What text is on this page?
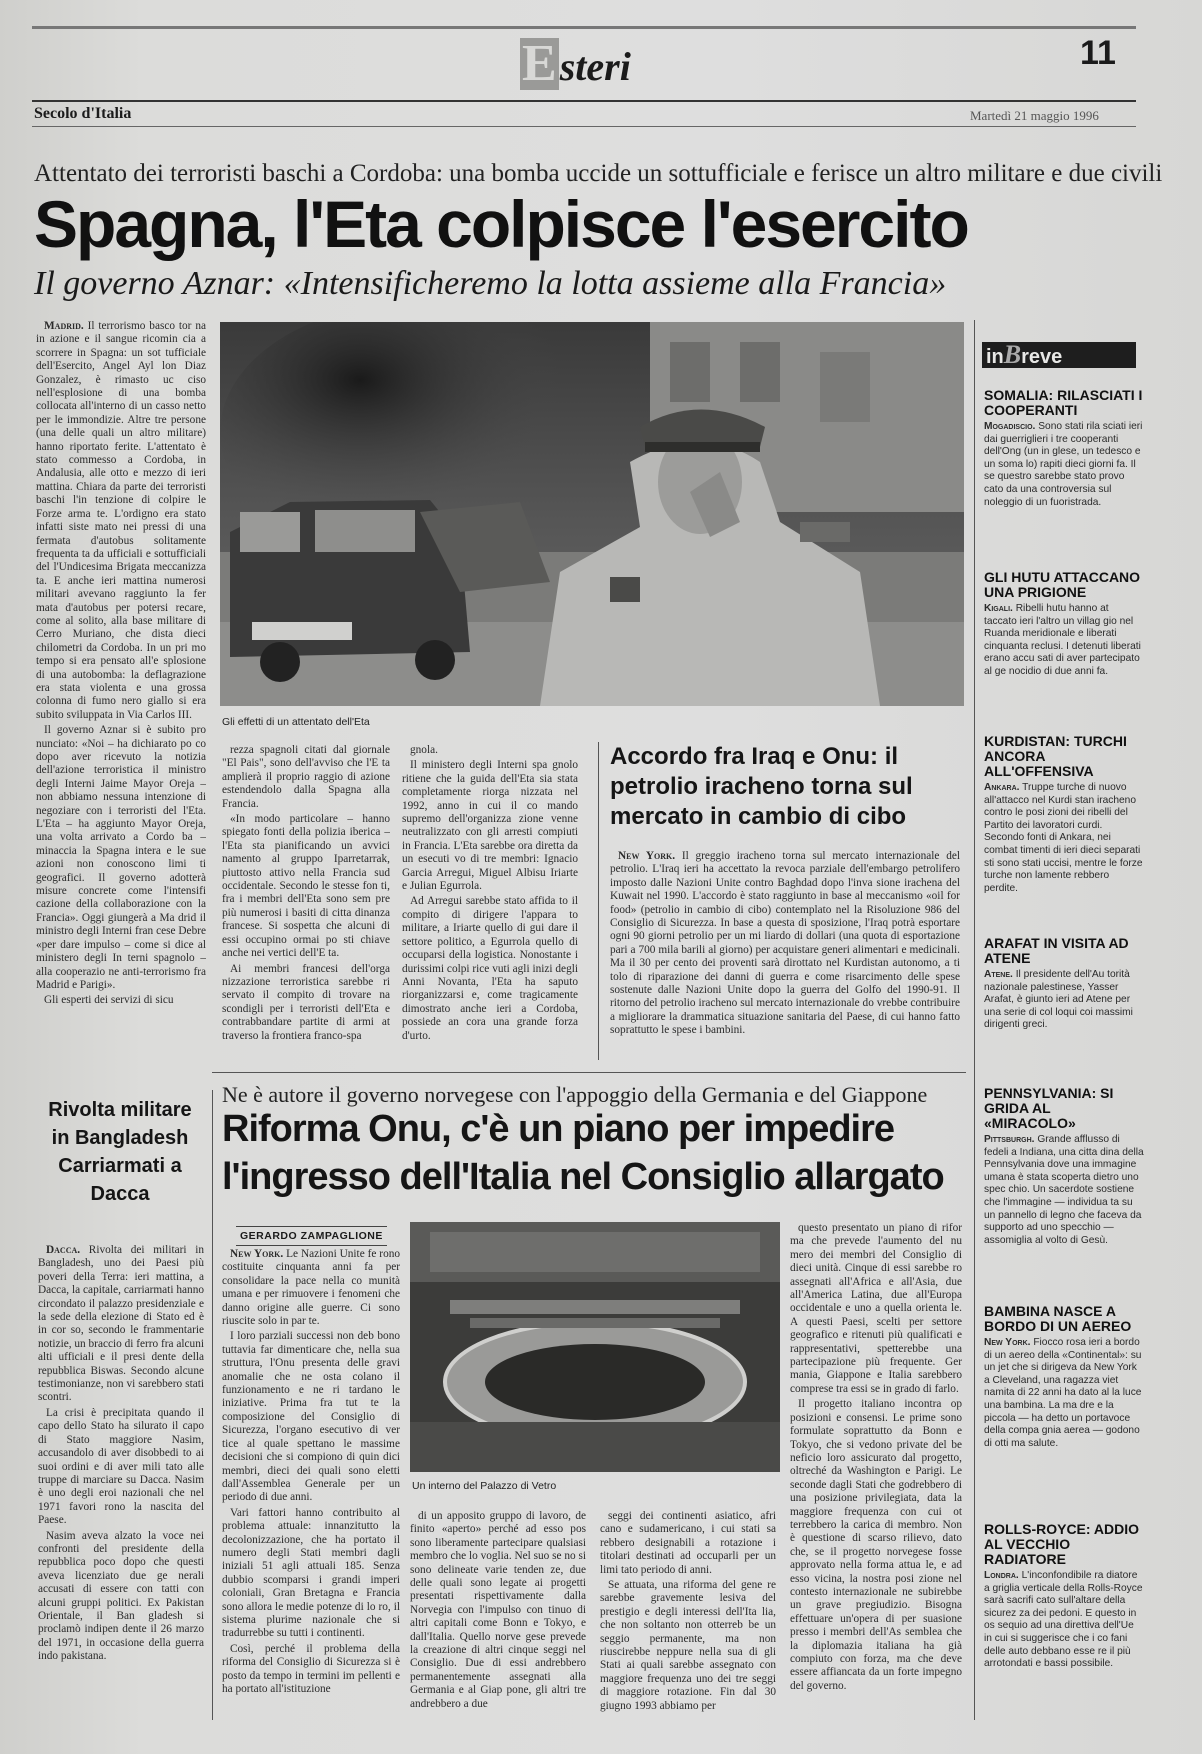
Esteri	11
Secolo d'Italia	Martedì 21 maggio 1996
Attentato dei terroristi baschi a Cordoba: una bomba uccide un sottufficiale e ferisce un altro militare e due civili
Spagna, l'Eta colpisce l'esercito
Il governo Aznar: «Intensificheremo la lotta assieme alla Francia»

Madrid. Il terrorismo basco tor na in azione e il sangue ricomin cia a scorrere in Spagna: un sot tufficiale dell'Esercito, Angel Ayl lon Diaz Gonzalez, è rimasto uc ciso nell'esplosione di una bomba collocata all'interno di un casso netto per le immondizie. Altre tre persone (una delle quali un altro militare) hanno riportato ferite. L'attentato è stato commesso a Cordoba, in Andalusia, alle otto e mezzo di ieri mattina. Chiara da parte dei terroristi baschi l'in tenzione di colpire le Forze arma te. L'ordigno era stato infatti siste mato nei pressi di una fermata d'autobus solitamente frequenta ta da ufficiali e sottufficiali del l'Undicesima Brigata meccanizza ta. E anche ieri mattina numerosi militari avevano raggiunto la fer mata d'autobus per potersi recare, come al solito, alla base militare di Cerro Muriano, che dista dieci chilometri da Cordoba. In un pri mo tempo si era pensato all'e splosione di una autobomba: la deflagrazione era stata violenta e una grossa colonna di fumo nero giallo si era subito sviluppata in Via Carlos III.

Il governo Aznar si è subito pro nunciato: «Noi – ha dichiarato po co dopo aver ricevuto la notizia dell'azione terroristica il ministro degli Interni Jaime Mayor Oreja – non abbiamo nessuna intenzione di negoziare con i terroristi del l'Eta. L'Eta – ha aggiunto Mayor Oreja, una volta arrivato a Cordo ba – minaccia la Spagna intera e le sue azioni non conoscono limi ti geografici. Il governo adotterà misure concrete come l'intensifi cazione della collaborazione con la Francia». Oggi giungerà a Ma drid il ministro degli Interni fran cese Debre «per dare impulso – come si dice al ministero degli In terni spagnolo – alla cooperazio ne anti-terrorismo fra Madrid e Parigi».

Gli esperti dei servizi di sicu

Gli effetti di un attentato dell'Eta

rezza spagnoli citati dal giornale "El Pais", sono dell'avviso che l'E ta amplierà il proprio raggio di azione estendendolo dalla Spagna alla Francia.

«In modo particolare – hanno spiegato fonti della polizia iberica – l'Eta sta pianificando un avvici namento al gruppo Iparretarrak, piuttosto attivo nella Francia sud occidentale. Secondo le stesse fon ti, fra i membri dell'Eta sono sem pre più numerosi i basiti di citta dinanza francese. Si sospetta che alcuni di essi occupino ormai po sti chiave anche nei vertici dell'E ta.

Ai membri francesi dell'orga nizzazione terroristica sarebbe ri servato il compito di trovare na scondigli per i terroristi dell'Eta e contrabbandare partite di armi at traverso la frontiera franco-spa

gnola.

Il ministero degli Interni spa gnolo ritiene che la guida dell'Eta sia stata completamente riorga nizzata nel 1992, anno in cui il co mando supremo dell'organizza zione venne neutralizzato con gli arresti compiuti in Francia. L'Eta sarebbe ora diretta da un esecuti vo di tre membri: Ignacio Garcia Arregui, Miguel Albisu Iriarte e Julian Egurrola.

Ad Arregui sarebbe stato affida to il compito di dirigere l'appara to militare, a Iriarte quello di gui dare il settore politico, a Egurrola quello di occuparsi della logistica. Nonostante i durissimi colpi rice vuti agli inizi degli Anni Novanta, l'Eta ha saputo riorganizzarsi e, come tragicamente dimostrato anche ieri a Cordoba, possiede an cora una grande forza d'urto.

Accordo fra Iraq e Onu: il petrolio iracheno torna sul mercato in cambio di cibo

New York. Il greggio iracheno torna sul mercato internazionale del petrolio. L'Iraq ieri ha accettato la revoca parziale dell'embargo petrolifero imposto dalle Nazioni Unite contro Baghdad dopo l'inva sione irachena del Kuwait nel 1990. L'accordo è stato raggiunto in base al meccanismo «oil for food» (petrolio in cambio di cibo) contemplato nel la Risoluzione 986 del Consiglio di Sicurezza. In base a questa di sposizione, l'Iraq potrà esportare ogni 90 giorni petrolio per un mi liardo di dollari (una quota di esportazione pari a 700 mila barili al giorno) per acquistare generi alimentari e medicinali. Ma il 30 per cento dei proventi sarà dirottato nel Kurdistan autonomo, a ti tolo di riparazione dei danni di guerra e come risarcimento delle spese sostenute dalle Nazioni Unite dopo la guerra del Golfo del 1990-91. Il ritorno del petrolio iracheno sul mercato internazionale do vrebbe contribuire a migliorare la drammatica situazione sanitaria del Paese, di cui hanno fatto soprattutto le spese i bambini.

Rivolta militare in Bangladesh Carriarmati a Dacca

Dacca. Rivolta dei militari in Bangladesh, uno dei Paesi più poveri della Terra: ieri mattina, a Dacca, la capitale, carriarmati hanno circondato il palazzo presidenziale e la sede della elezione di Stato ed è in cor so, secondo le frammentarie notizie, un braccio di ferro fra alcuni alti ufficiali e il presi dente della repubblica Biswas. Secondo alcune testimonianze, non vi sarebbero stati scontri.

La crisi è precipitata quando il capo dello Stato ha silurato il capo di Stato maggiore Nasim, accusandolo di aver disobbedi to ai suoi ordini e di aver mili tato alle truppe di marciare su Dacca. Nasim è uno degli eroi nazionali che nel 1971 favori rono la nascita del Paese.

Nasim aveva alzato la voce nei confronti del presidente della repubblica poco dopo che questi aveva licenziato due ge nerali accusati di essere con tatti con alcuni gruppi politici. Ex Pakistan Orientale, il Ban gladesh si proclamò indipen dente il 26 marzo del 1971, in occasione della guerra indo pakistana.

Ne è autore il governo norvegese con l'appoggio della Germania e del Giappone
Riforma Onu, c'è un piano per impedire
l'ingresso dell'Italia nel Consiglio allargato
GERARDO ZAMPAGLIONE

New York. Le Nazioni Unite fe rono costituite cinquanta anni fa per consolidare la pace nella co munità umana e per rimuovere i fenomeni che danno origine alle guerre. Ci sono riuscite solo in par te.

I loro parziali successi non deb bono tuttavia far dimenticare che, nella sua struttura, l'Onu presenta delle gravi anomalie che ne osta colano il funzionamento e ne ri tardano le iniziative. Prima fra tut te la composizione del Consiglio di Sicurezza, l'organo esecutivo di ver tice al quale spettano le massime decisioni che si compiono di quin dici membri, dieci dei quali sono eletti dall'Assemblea Generale per un periodo di due anni.

Vari fattori hanno contribuito al problema attuale: innanzitutto la decolonizzazione, che ha portato il numero degli Stati membri dagli iniziali 51 agli attuali 185. Senza dubbio scomparsi i grandi imperi coloniali, Gran Bretagna e Francia sono allora le medie potenze di lo ro, il sistema plurime nazionale che si tradurrebbe su tutti i continenti.

Così, perché il problema della riforma del Consiglio di Sicurezza si è posto da tempo in termini im pellenti e ha portato all'istituzione

Un interno del Palazzo di Vetro

di un apposito gruppo di lavoro, de finito «aperto» perché ad esso pos sono liberamente partecipare qualsiasi membro che lo voglia. Nel suo se no si sono delineate varie tenden ze, due delle quali sono legate ai progetti presentati rispettivamente dalla Norvegia con l'impulso con tinuo di altri capitali come Bonn e Tokyo, e dall'Italia. Quello norve gese prevede la creazione di altri cinque seggi nel Consiglio. Due di essi andrebbero permanentemente assegnati alla Germania e al Giap pone, gli altri tre andrebbero a due

seggi dei continenti asiatico, afri cano e sudamericano, i cui stati sa rebbero designabili a rotazione i titolari destinati ad occuparli per un limi tato periodo di anni.

Se attuata, una riforma del gene re sarebbe gravemente lesiva del prestigio e degli interessi dell'Ita lia, che non soltanto non otterreb be un seggio permanente, ma non riuscirebbe neppure nella sua di gli Stati ai quali sarebbe assegnato con maggiore frequenza uno dei tre seggi di maggiore rotazione. Fin dal 30 giugno 1993 abbiamo per

questo presentato un piano di rifor ma che prevede l'aumento del nu mero dei membri del Consiglio di dieci unità. Cinque di essi sarebbe ro assegnati all'Africa e all'Asia, due all'America Latina, due all'Europa occidentale e uno a quella orienta le. A questi Paesi, scelti per settore geografico e ritenuti più qualificati e rappresentativi, spetterebbe una partecipazione più frequente. Ger mania, Giappone e Italia sarebbero comprese tra essi se in grado di farlo.

Il progetto italiano incontra op posizioni e consensi. Le prime sono formulate soprattutto da Bonn e Tokyo, che si vedono private del be neficio loro assicurato dal progetto, oltreché da Washington e Parigi. Le seconde dagli Stati che godrebbero di una posizione privilegiata, data la maggiore frequenza con cui ot terrebbero la carica di membro. Non è questione di scarso rilievo, dato che, se il progetto norvegese fosse approvato nella forma attua le, e ad esso vicina, la nostra posi zione nel contesto internazionale ne subirebbe un grave pregiudizio. Bisogna effettuare un'opera di per suasione presso i membri dell'As semblea che la diplomazia italiana ha già compiuto con forza, ma che deve essere affiancata da un forte impegno del governo.

inBreve

SOMALIA: RILASCIATI I COOPERANTI

Mogadiscio. Sono stati rila sciati ieri dai guerriglieri i tre cooperanti dell'Ong (un in glese, un tedesco e un soma lo) rapiti dieci giorni fa. Il se questro sarebbe stato provo cato da una controversia sul noleggio di un fuoristrada.

GLI HUTU ATTACCANO UNA PRIGIONE

Kigali. Ribelli hutu hanno at taccato ieri l'altro un villag gio nel Ruanda meridionale e liberati cinquanta reclusi. I detenuti liberati erano accu sati di aver partecipato al ge nocidio di due anni fa.

KURDISTAN: TURCHI ANCORA ALL'OFFENSIVA

Ankara. Truppe turche di nuovo all'attacco nel Kurdi stan iracheno contro le posi zioni dei ribelli del Partito dei lavoratori curdi. Secondo fonti di Ankara, nei combat timenti di ieri dieci separati sti sono stati uccisi, mentre le forze turche non lamente rebbero perdite.

ARAFAT IN VISITA AD ATENE

Atene. Il presidente dell'Au torità nazionale palestinese, Yasser Arafat, è giunto ieri ad Atene per una serie di col loqui coi massimi dirigenti greci.

PENNSYLVANIA: SI GRIDA AL «MIRACOLO»

Pittsburgh. Grande afflusso di fedeli a Indiana, una citta dina della Pennsylvania dove una immagine umana è stata scoperta dietro uno spec chio. Un sacerdote sostiene che l'immagine — individua ta su un pannello di legno che faceva da supporto ad uno specchio — assomiglia al volto di Gesù.

BAMBINA NASCE A BORDO DI UN AEREO

New York. Fiocco rosa ieri a bordo di un aereo della «Continental»: su un jet che si dirigeva da New York a Cleveland, una ragazza viet namita di 22 anni ha dato al la luce una bambina. La ma dre e la piccola — ha detto un portavoce della compa gnia aerea — godono di otti ma salute.

ROLLS-ROYCE: ADDIO AL VECCHIO RADIATORE

Londra. L'inconfondibile ra diatore a griglia verticale della Rolls-Royce sarà sacrifi cato sull'altare della sicurez za dei pedoni. E questo in os sequio ad una direttiva dell'Ue in cui si suggerisce che i co fani delle auto debbano esse re il più arrotondati e bassi possibile.
